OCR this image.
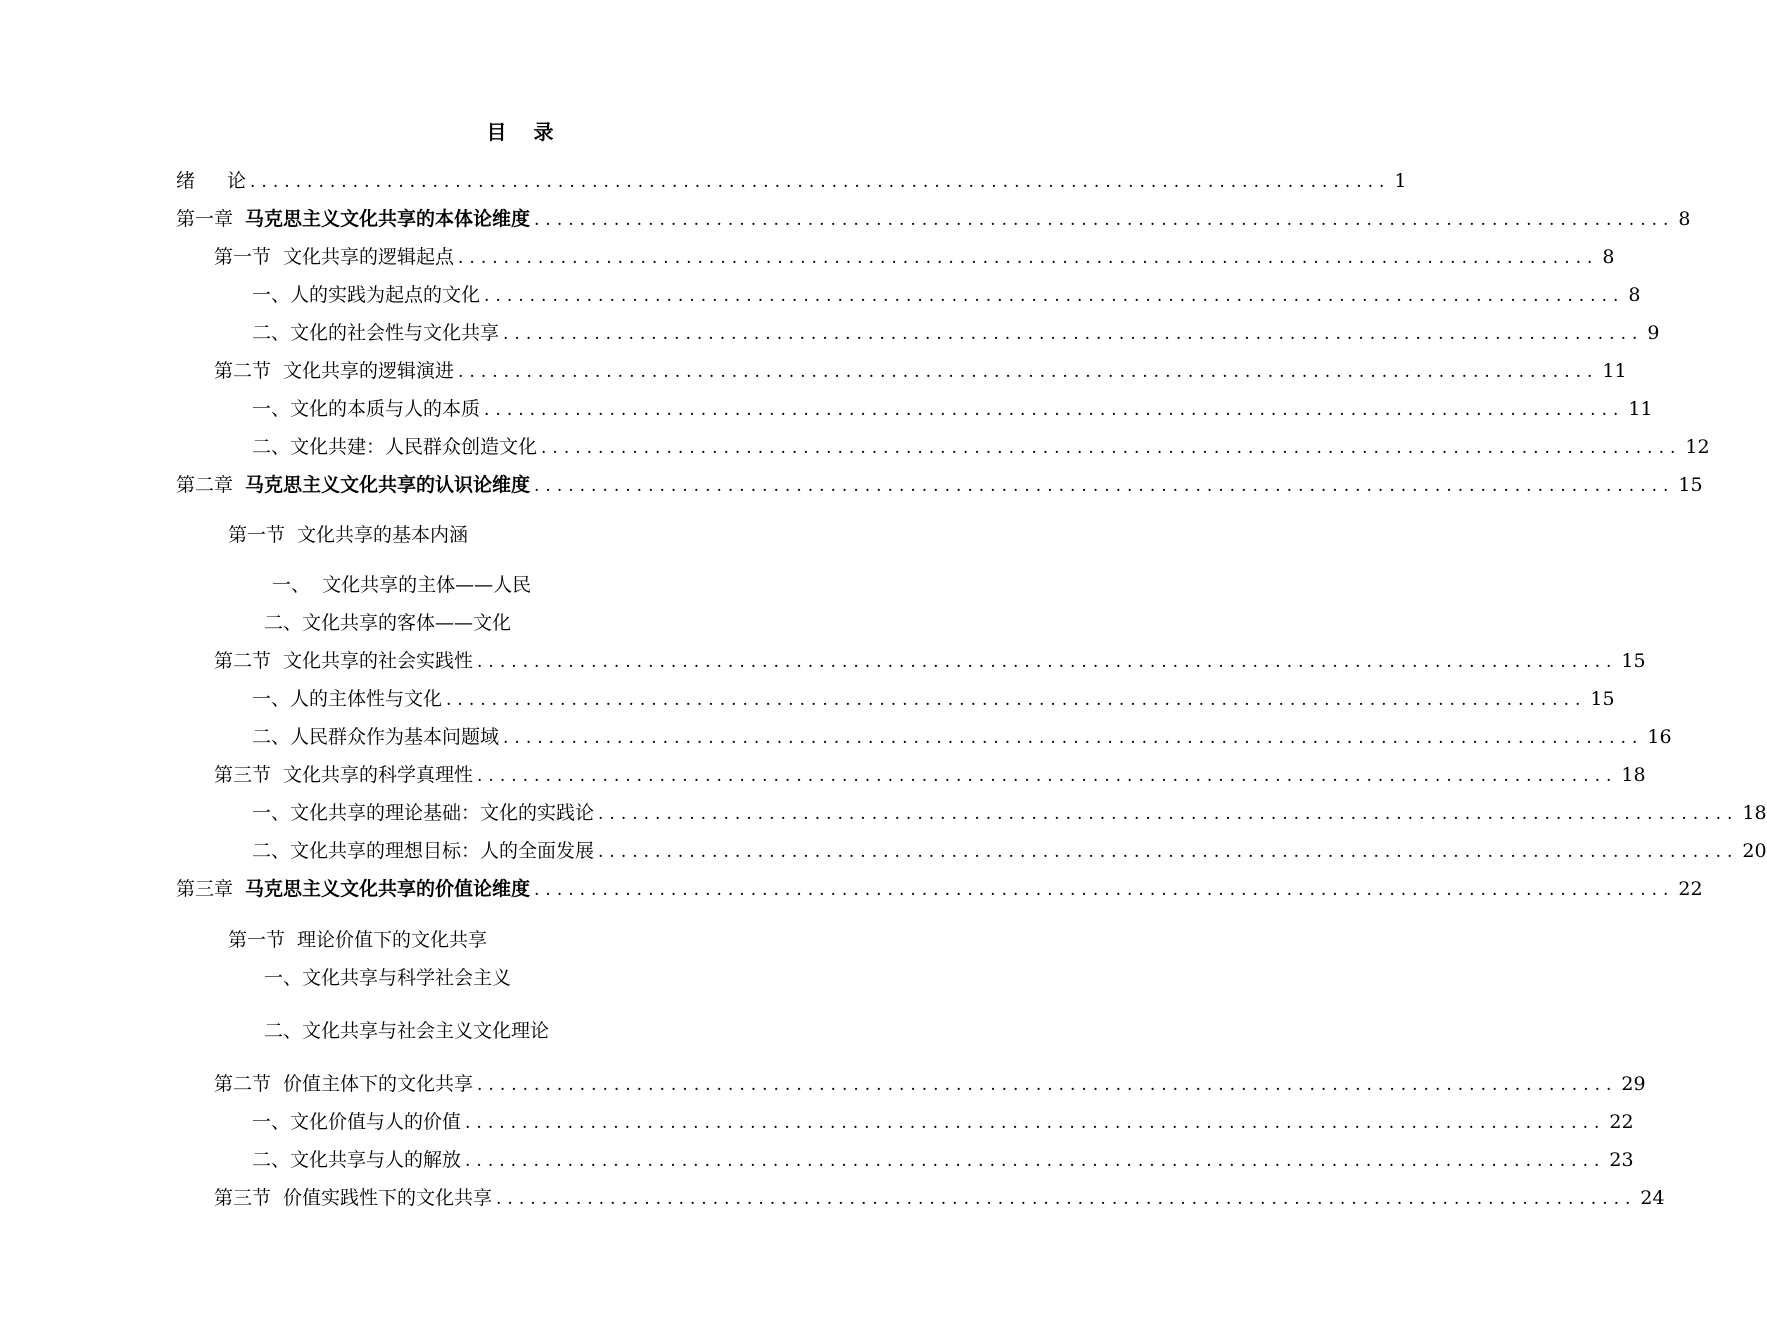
目 录
绪 论 .................................................................................................... 1
第一章 马克思主义文化共享的本体论维度 .................................................................................................... 8
第一节 文化共享的逻辑起点 .................................................................................................... 8
一、人的实践为起点的文化 .................................................................................................... 8
二、文化的社会性与文化共享 .................................................................................................... 9
第二节 文化共享的逻辑演进 .................................................................................................... 11
一、文化的本质与人的本质 .................................................................................................... 11
二、文化共建：人民群众创造文化 .................................................................................................... 12
第二章 马克思主义文化共享的认识论维度 .................................................................................................... 15
第一节 文化共享的基本内涵
一、  文化共享的主体——人民
二、文化共享的客体——文化
第二节 文化共享的社会实践性 .................................................................................................... 15
一、人的主体性与文化 .................................................................................................... 15
二、人民群众作为基本问题域 .................................................................................................... 16
第三节 文化共享的科学真理性 .................................................................................................... 18
一、文化共享的理论基础：文化的实践论 .................................................................................................... 18
二、文化共享的理想目标：人的全面发展 .................................................................................................... 20
第三章 马克思主义文化共享的价值论维度 .................................................................................................... 22
第一节 理论价值下的文化共享
一、文化共享与科学社会主义
二、文化共享与社会主义文化理论
第二节 价值主体下的文化共享 .................................................................................................... 29
一、文化价值与人的价值 .................................................................................................... 22
二、文化共享与人的解放 .................................................................................................... 23
第三节 价值实践性下的文化共享 .................................................................................................... 24
